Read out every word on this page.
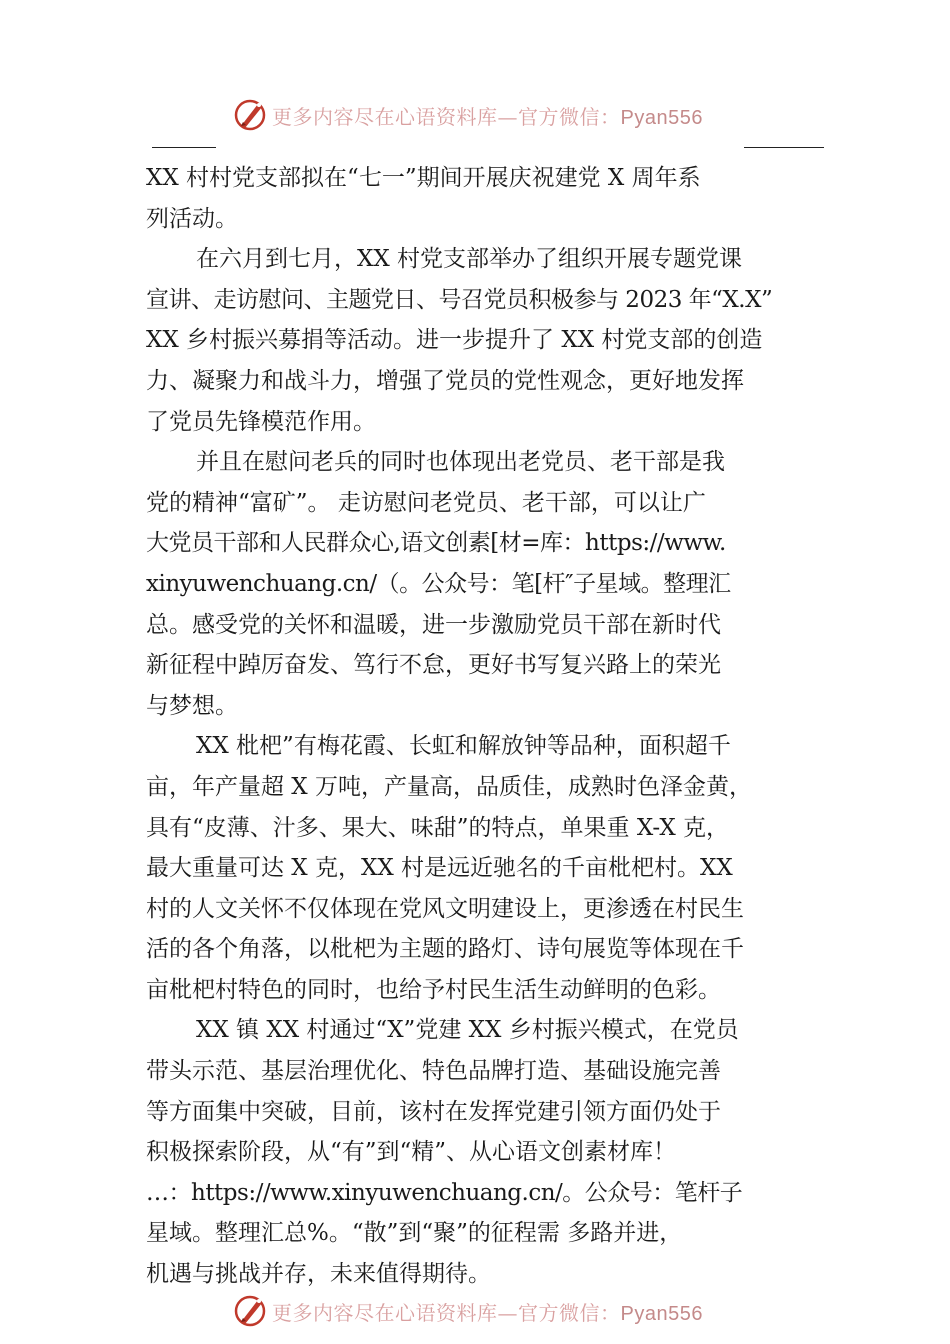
更多内容尽在心语资料库—官方微信：Pyan556
XX 村村党支部拟在“七一”期间开展庆祝建党 X 周年系
列活动。
在六月到七月，XX 村党支部举办了组织开展专题党课
宣讲、走访慰问、主题党日、号召党员积极参与 2023 年“X.X”
XX 乡村振兴募捐等活动。进一步提升了 XX 村党支部的创造
力、凝聚力和战斗力，增强了党员的党性观念，更好地发挥
了党员先锋模范作用。
并且在慰问老兵的同时也体现出老党员、老干部是我
党的精神“富矿”。 走访慰问老党员、老干部，可以让广
大党员干部和人民群众心,语文创素[材=库：https://www.
xinyuwenchuang.cn/（。公众号：笔[杆″子星域。整理汇
总。感受党的关怀和温暖，进一步激励党员干部在新时代
新征程中踔厉奋发、笃行不怠，更好书写复兴路上的荣光
与梦想。
XX 枇杷”有梅花霞、长虹和解放钟等品种，面积超千
亩，年产量超 X 万吨，产量高，品质佳，成熟时色泽金黄，
具有“皮薄、汁多、果大、味甜”的特点，单果重 X-X 克，
最大重量可达 X 克，XX 村是远近驰名的千亩枇杷村。XX
村的人文关怀不仅体现在党风文明建设上，更渗透在村民生
活的各个角落，以枇杷为主题的路灯、诗句展览等体现在千
亩枇杷村特色的同时，也给予村民生活生动鲜明的色彩。
XX 镇 XX 村通过“X”党建 XX 乡村振兴模式，在党员
带头示范、基层治理优化、特色品牌打造、基础设施完善
等方面集中突破，目前，该村在发挥党建引领方面仍处于
积极探索阶段，从“有”到“精”、从心语文创素材库！
…：https://www.xinyuwenchuang.cn/。公众号：笔杆子
星域。整理汇总%。“散”到“聚”的征程需 多路并进，
机遇与挑战并存，未来值得期待。
更多内容尽在心语资料库—官方微信：Pyan556
